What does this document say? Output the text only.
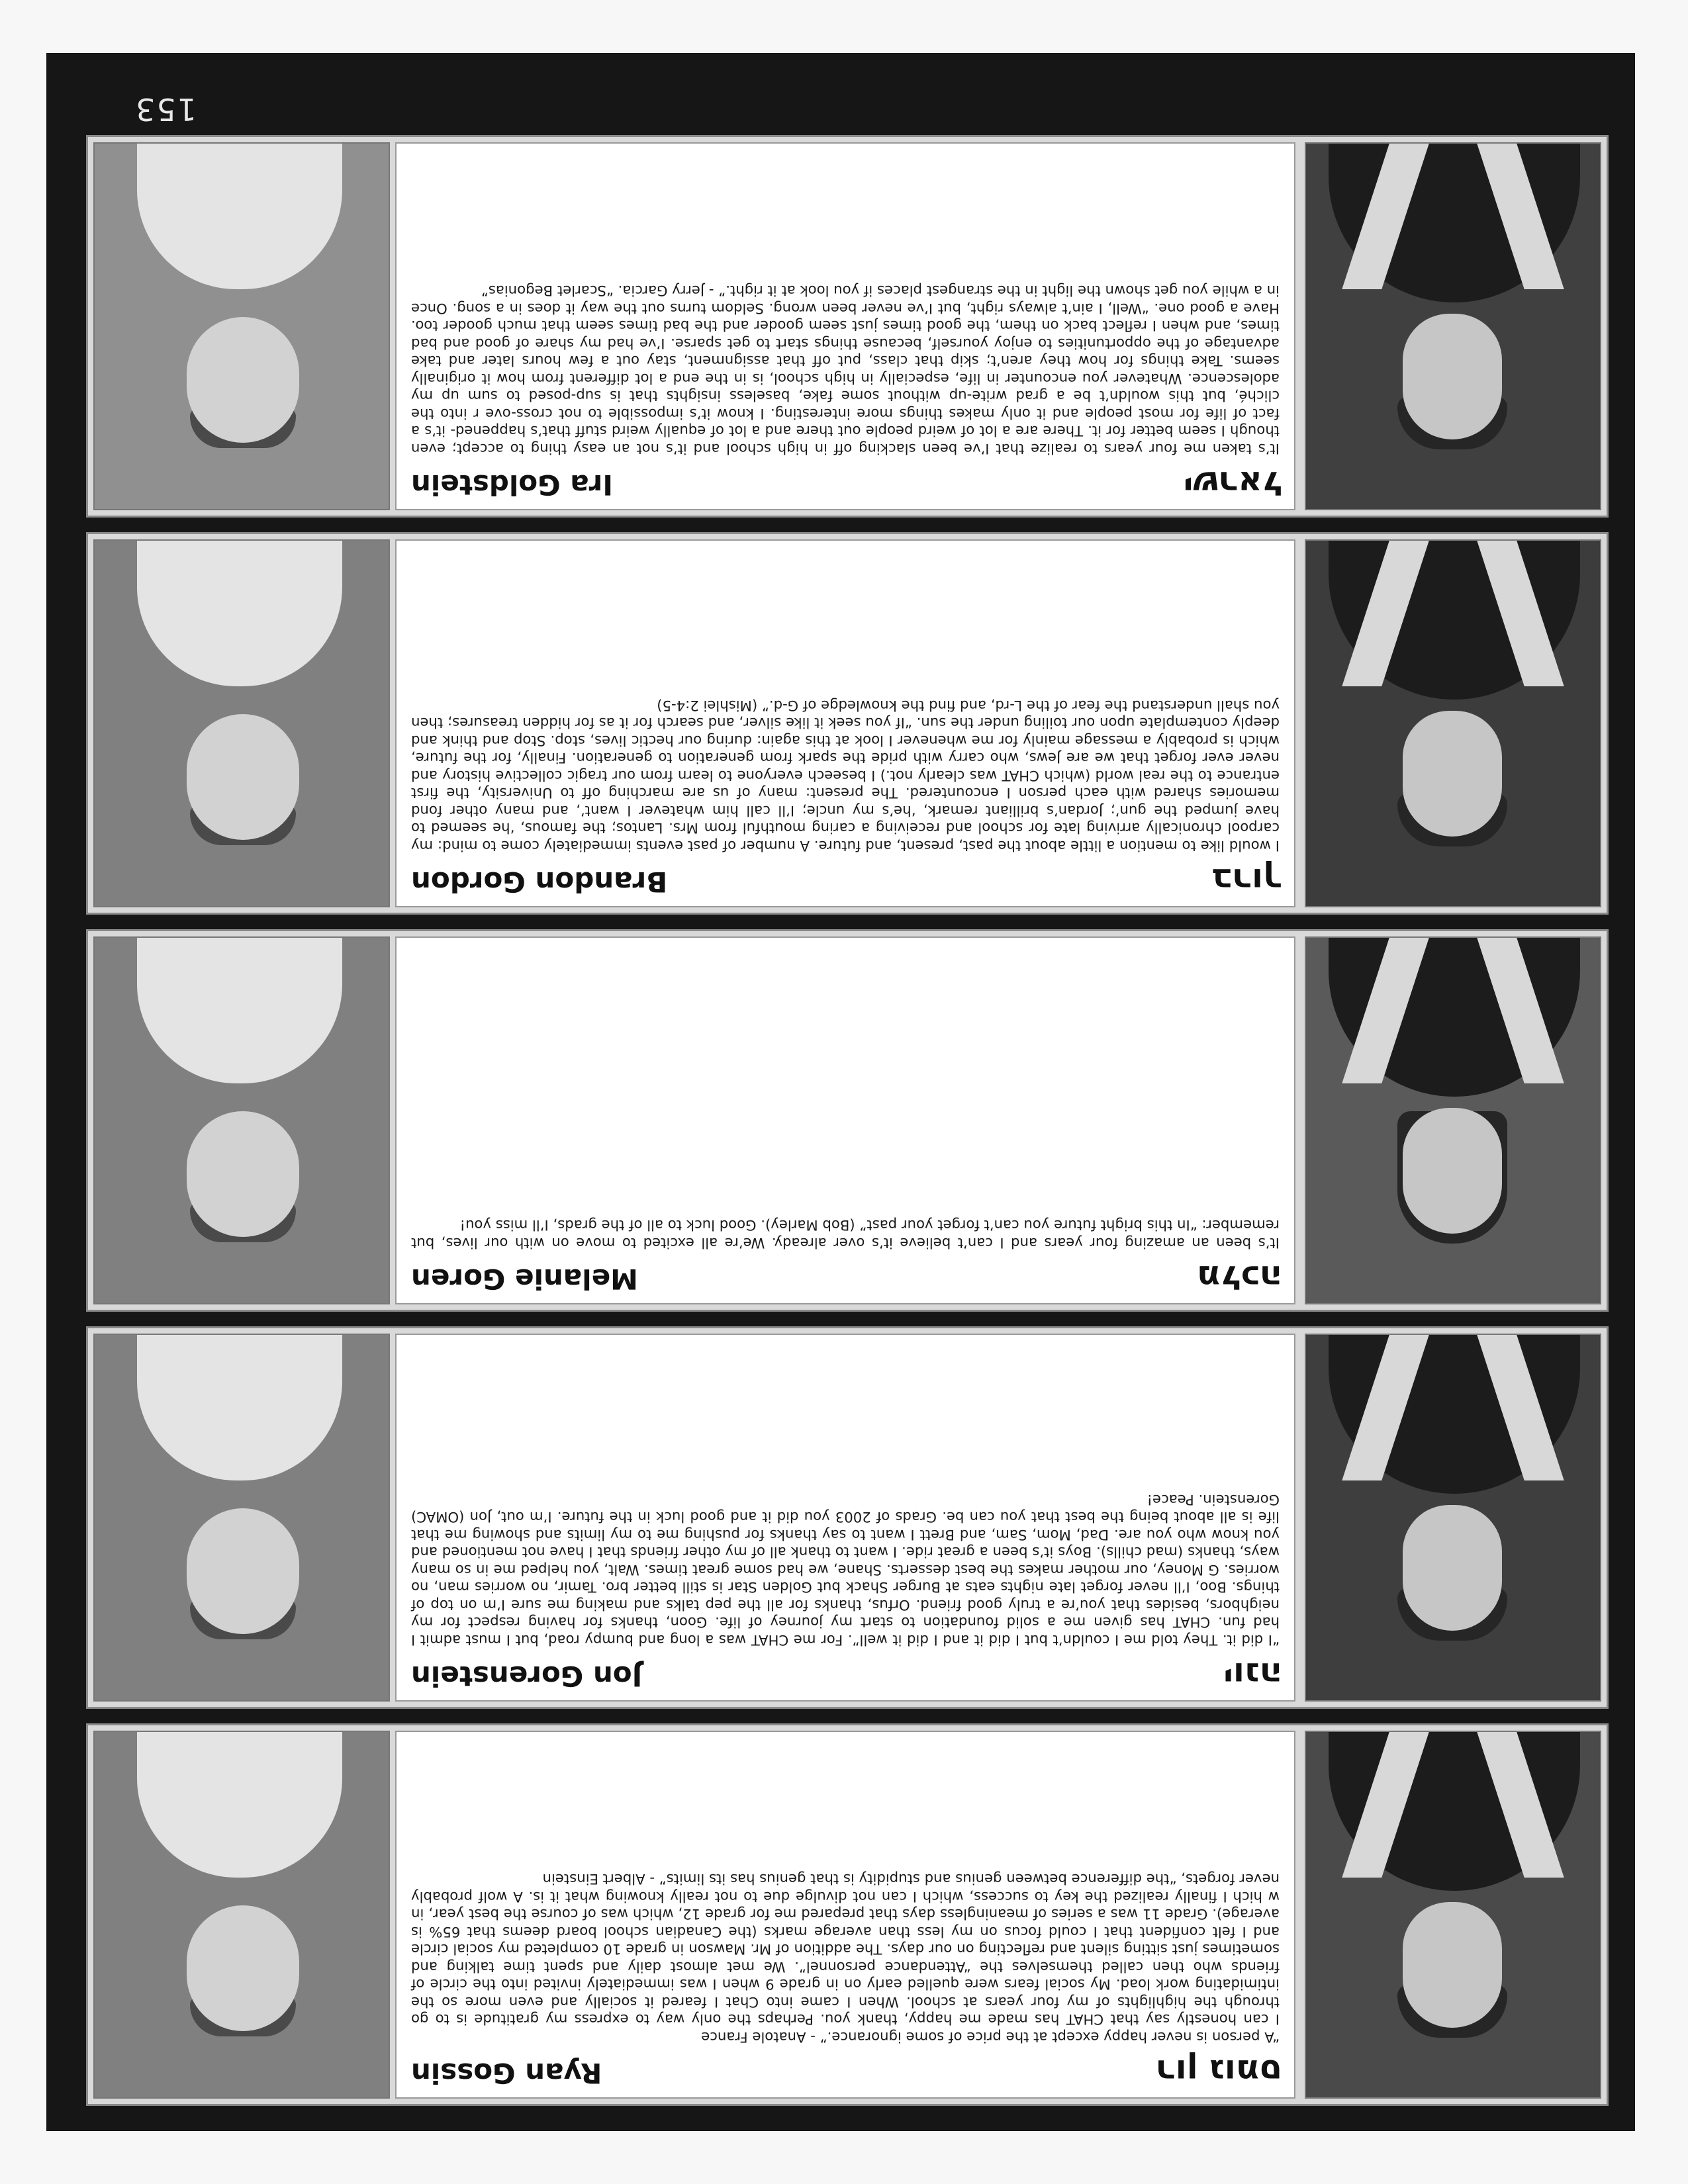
רון גומס
Ryan Gossin

“A person is never happy except at the price of some ignorance.” - Anatole France
I can honestly say that CHAT has made me happy, thank you. Perhaps the only way to express my gratitude is to go through the highlights of my four years at school. When I came into Chat I feared it socially and even more so the intimidating work load. My social fears were quelled early on in grade 9 when I was immediately invited into the circle of friends who then called themselves the “Attendance personnel”. We met almost daily and spent time talking and sometimes just sitting silent and reflecting on our days. The addition of Mr. Mawson in grade 10 completed my social circle and I felt confident that I could focus on my less than average marks (the Canadian school board deems that 65% is average). Grade 11 was a series of meaningless days that prepared me for grade 12, which was of course the best year, in w hich I finally realized the key to success, which I can not divulge due to not really knowing what it is. A wolf probably never forgets, “the difference between genius and stupidity is that genius has its limits” - Albert Einstein

יונה
Jon Gorenstein

“I did it. They told me I couldn’t but I did it and I did it well”. For me CHAT was a long and bumpy road, but I must admit I had fun. CHAT has given me a solid foundation to start my journey of life. Goon, thanks for having respect for my neighbors, besides that you’re a truly good friend. Orfus, thanks for all the pep talks and making me sure I’m on top of things. Boo, I’ll never forget late nights eats at Burger Shack but Golden Star is still better bro. Tamir, no worries man, no worries. G Money, our mother makes the best desserts. Shane, we had some great times. Walt, you helped me in so many ways, thanks (mad chills). Boys it’s been a great ride. I want to thank all of my other friends that I have not mentioned and you know who you are. Dad, Mom, Sam, and Brett I want to say thanks for pushing me to my limits and showing me that life is all about being the best that you can be. Grads of 2003 you did it and good luck in the future. I’m out, Jon (OMAC) Gorenstein. Peace!

מלכה
Melanie Goren

It’s been an amazing four years and I can’t believe it’s over already. We’re all excited to move on with our lives, but remember: “In this bright future you can’t forget your past” (Bob Marley). Good luck to all of the grads, I’ll miss you!

ברוך
Brandon Gordon

I would like to mention a little about the past, present, and future. A number of past events immediately come to mind: my carpool chronically arriving late for school and receiving a caring mouthful from Mrs. Lantos; the famous, ‘he seemed to have jumped the gun’; Jordan’s brilliant remark, ‘he’s my uncle; I’ll call him whatever I want’, and many other fond memories shared with each person I encountered. The present: many of us are marching off to University, the first entrance to the real world (which CHAT was clearly not.) I beseech everyone to learn from our tragic collective history and never ever forget that we are Jews, who carry with pride the spark from generation to generation. Finally, for the future, which is probably a message mainly for me whenever I look at this again: during our hectic lives, stop. Stop and think and deeply contemplate upon our toiling under the sun. “If you seek it like silver, and search for it as for hidden treasures; then you shall understand the fear of the L-rd, and find the knowledge of G-d.” (Mishlei 2:4-5)

ישראל
Ira Goldstein

It’s taken me four years to realize that I’ve been slacking off in high school and it’s not an easy thing to accept; even though I seem better for it. There are a lot of weird people out there and a lot of equally weird stuff that’s happened- it’s a fact of life for most people and it only makes things more interesting. I know it’s impossible to not cross-ove r into the cliché, but this wouldn’t be a grad write-up without some fake, baseless insights that is sup-posed to sum up my adolescence. Whatever you encounter in life, especially in high school, is in the end a lot different from how it originally seems. Take things for how they aren’t; skip that class, put off that assignment, stay out a few hours later and take advantage of the opportunities to enjoy yourself, because things start to get sparse. I’ve had my share of good and bad times, and when I reflect back on them, the good times just seem gooder and the bad times seem that much gooder too. Have a good one. “Well, I ain’t always right, but I’ve never been wrong. Seldom turns out the way it does in a song. Once in a while you get shown the light in the strangest places if you look at it right.” - Jerry Garcia. “Scarlet Begonias”

153
